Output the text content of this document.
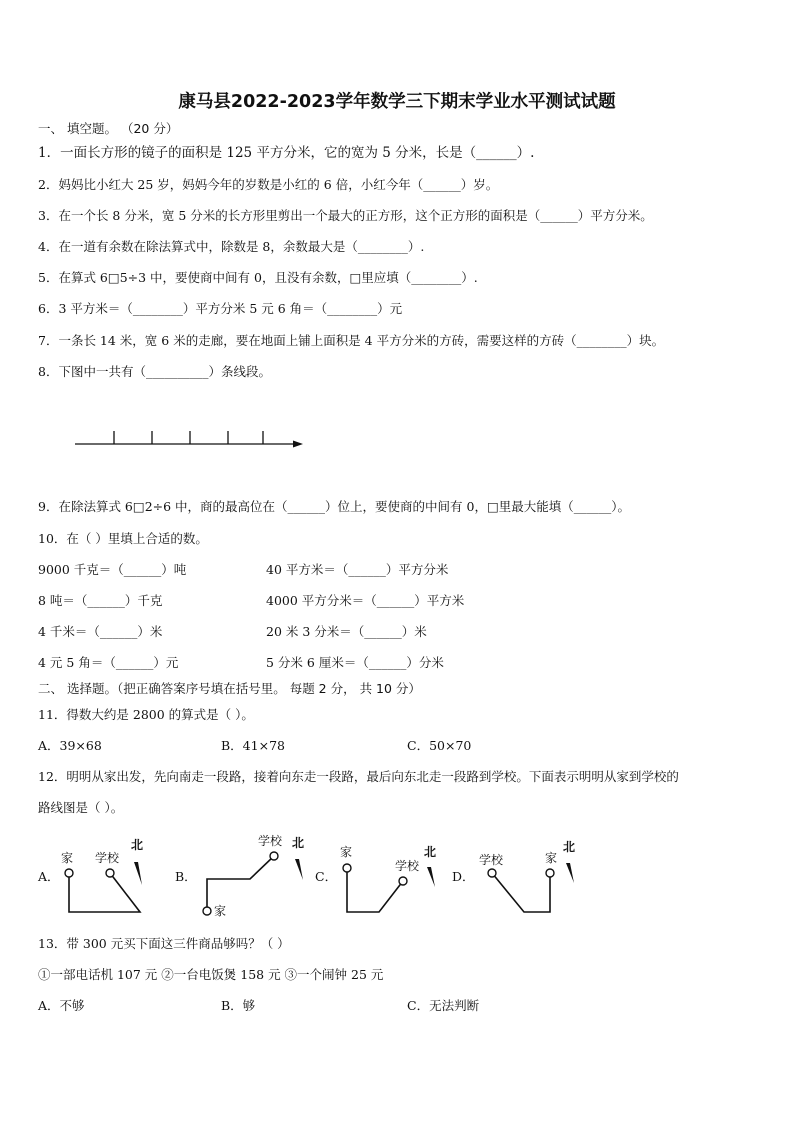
康马县2022-2023学年数学三下期末学业水平测试试题
一、 填空题。 （20 分）
1．一面长方形的镜子的面积是 125 平方分米，它的宽为 5 分米，长是（______）.
2．妈妈比小红大 25 岁，妈妈今年的岁数是小红的 6 倍，小红今年（______）岁。
3．在一个长 8 分米，宽 5 分米的长方形里剪出一个最大的正方形，这个正方形的面积是（______）平方分米。
4．在一道有余数在除法算式中，除数是 8，余数最大是（________）.
5．在算式 6□5÷3 中，要使商中间有 0，且没有余数，□里应填（________）.
6．3 平方米＝（________）平方分米 5 元 6 角＝（________）元
7．一条长 14 米，宽 6 米的走廊，要在地面上铺上面积是 4 平方分米的方砖，需要这样的方砖（________）块。
8．下图中一共有（__________）条线段。
9．在除法算式 6□2÷6 中，商的最高位在（______）位上，要使商的中间有 0，□里最大能填（______）。
10．在（ ）里填上合适的数。
9000 千克＝（______）吨	40 平方米＝（______）平方分米
8 吨＝（______）千克	4000 平方分米＝（______）平方米
4 千米＝（______）米	20 米 3 分米＝（______）米
4 元 5 角＝（______）元	5 分米 6 厘米＝（______）分米
二、 选择题。（把正确答案序号填在括号里。 每题 2 分， 共 10 分）
11．得数大约是 2800 的算式是（ ）。
A．39×68	B．41×78	C．50×70
12．明明从家出发，先向南走一段路，接着向东走一段路，最后向东北走一段路到学校。下面表示明明从家到学校的
路线图是（ ）。
A．	B．	C．	D．
家 学校
北	学校
家
北
家
学校
北
学校	家
北
13．带 300 元买下面这三件商品够吗？（ ）
①一部电话机 107 元 ②一台电饭煲 158 元 ③一个闹钟 25 元
A．不够	B．够	C．无法判断
